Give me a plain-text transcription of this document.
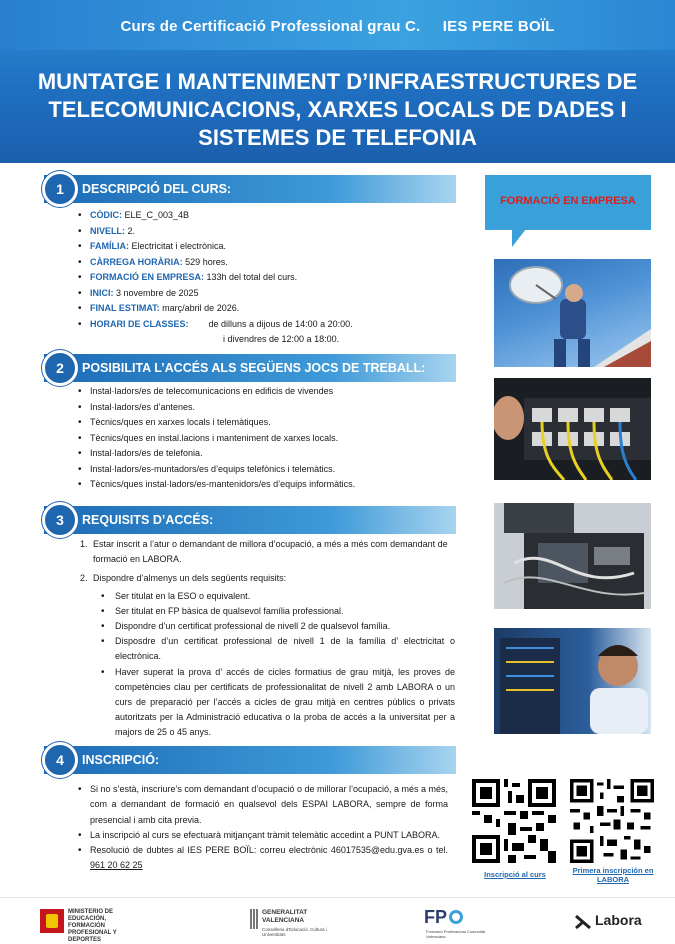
Curs de Certificació Professional grau C. IES PERE BOÏL
MUNTATGE I MANTENIMENT D’INFRAESTRUCTURES DE TELECOMUNICACIONS, XARXES LOCALS DE DADES I SISTEMES DE TELEFONIA
DESCRIPCIÓ DEL CURS:
1
• CÒDIC: ELE_C_003_4B
• NIVELL: 2.
• FAMÍLIA: Electricitat i electrònica.
• CÀRREGA HORÀRIA: 529 hores.
• FORMACIÓ EN EMPRESA: 133h del total del curs.
• INICI: 3 novembre de 2025
• FINAL ESTIMAT: març/abril de 2026.
• HORARI DE CLASSES: de dilluns a dijous de 14:00 a 20:00.
i divendres de 12:00 a 18:00.
POSIBILITA L’ACCÉS ALS SEGÜENS JOCS DE TREBALL:
2
• Instal·ladors/es de telecomunicacions en edificis de vivendes
• Instal·ladors/es d’antenes.
• Tècnics/ques en xarxes locals i telemàtiques.
• Tècnics/ques en instal.lacions i manteniment de xarxes locals.
• Instal·ladors/es de telefonia.
• Instal·ladors/es-muntadors/es d’equips telefònics i telemàtics.
• Tècnics/ques instal·ladors/es-mantenidors/es d’equips informàtics.
REQUISITS D’ACCÉS:
3
1. Estar inscrit a l’atur o demandant de millora d’ocupació, a més a més com demandant de formació en LABORA.
2. Dispondre d’almenys un dels següents requisits:
• Ser titulat en la ESO o equivalent.
• Ser titulat en FP bàsica de qualsevol família professional.
• Dispondre d’un certificat professional de nivell 2 de qualsevol família.
• Disposdre d’un certificat professional de nivell 1 de la família d’ electricitat o electrònica.
• Haver superat la prova d’ accés de cicles formatius de grau mitjà, les proves de competències clau per certificats de professionalitat de nivell 2 amb LABORA o un curs de preparació per l’accés a cicles de grau mitjà en centres públics o privats autoritzats per la Administració educativa o la proba de accés a la universitat per a majors de 25 o 45 anys.
INSCRIPCIÓ:
4
• Si no s’està, inscriure’s com demandant d’ocupació o de millorar l’ocupació, a més a més, com a demandant de formació en qualsevol dels ESPAI LABORA, sempre de forma presencial i amb cita previa.
• La inscripció al curs se efectuarà mitjançant tràmit telemàtic accedint a PUNT LABORA.
• Resolució de dubtes al IES PERE BOÏL: correu electrònic 46017535@edu.gva.es o tel. 961 20 62 25
FORMACIÓ EN EMPRESA
Inscripció al curs	Primera inscripción en LABORA
MINISTERIO DE EDUCACIÓN, FORMACIÓN PROFESIONAL Y DEPORTES
GENERALITAT
VALENCIANA
Conselleria d'Educació, Cultura i Universitats
FP
Formació Professional Comunitat Valenciana
Labora
